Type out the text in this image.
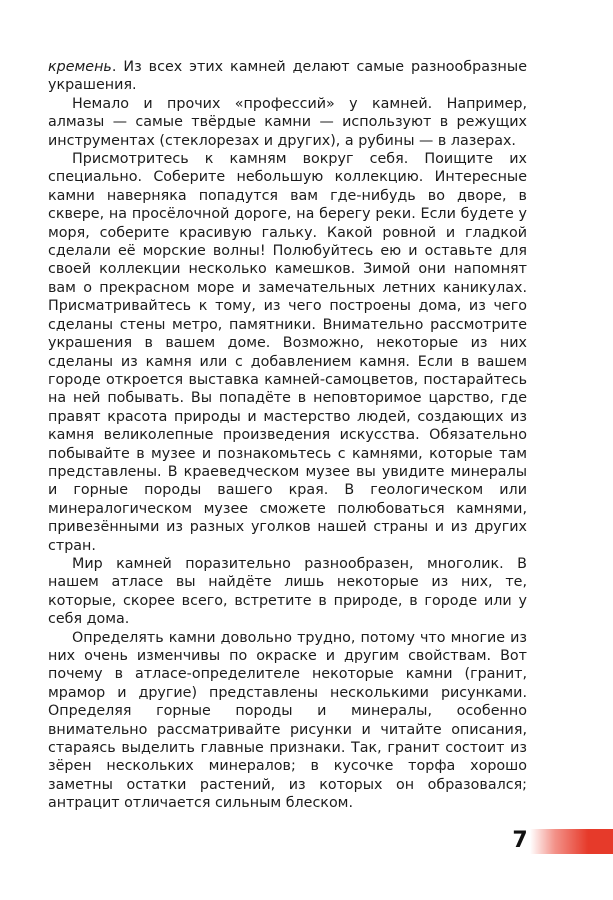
кремень. Из всех этих камней делают самые разнообразные украшения.

Немало и прочих «профессий» у камней. Например, алмазы — самые твёрдые камни — используют в режущих инструментах (стеклорезах и других), а рубины — в лазерах.

Присмотритесь к камням вокруг себя. Поищите их специально. Соберите небольшую коллекцию. Интересные камни наверняка попадутся вам где-нибудь во дворе, в сквере, на просёлочной дороге, на берегу реки. Если будете у моря, соберите красивую гальку. Какой ровной и гладкой сделали её морские волны! Полюбуйтесь ею и оставьте для своей коллекции несколько камешков. Зимой они напомнят вам о прекрасном море и замечательных летних каникулах. Присматривайтесь к тому, из чего построены дома, из чего сделаны стены метро, памятники. Внимательно рассмотрите украшения в вашем доме. Возможно, некоторые из них сделаны из камня или с добавлением камня. Если в вашем городе откроется выставка камней-самоцветов, постарайтесь на ней побывать. Вы попадёте в неповторимое царство, где правят красота природы и мастерство людей, создающих из камня великолепные произведения искусства. Обязательно побывайте в музее и познакомьтесь с камнями, которые там представлены. В краеведческом музее вы увидите минералы и горные породы вашего края. В геологическом или минералогическом музее сможете полюбоваться камнями, привезёнными из разных уголков нашей страны и из других стран.

Мир камней поразительно разнообразен, многолик. В нашем атласе вы найдёте лишь некоторые из них, те, которые, скорее всего, встретите в природе, в городе или у себя дома.

Определять камни довольно трудно, потому что многие из них очень изменчивы по окраске и другим свойствам. Вот почему в атласе-определителе некоторые камни (гранит, мрамор и другие) представлены несколькими рисунками. Определяя горные породы и минералы, особенно внимательно рассматривайте рисунки и читайте описания, стараясь выделить главные признаки. Так, гранит состоит из зёрен нескольких минералов; в кусочке торфа хорошо заметны остатки растений, из которых он образовался; антрацит отличается сильным блеском.

7
